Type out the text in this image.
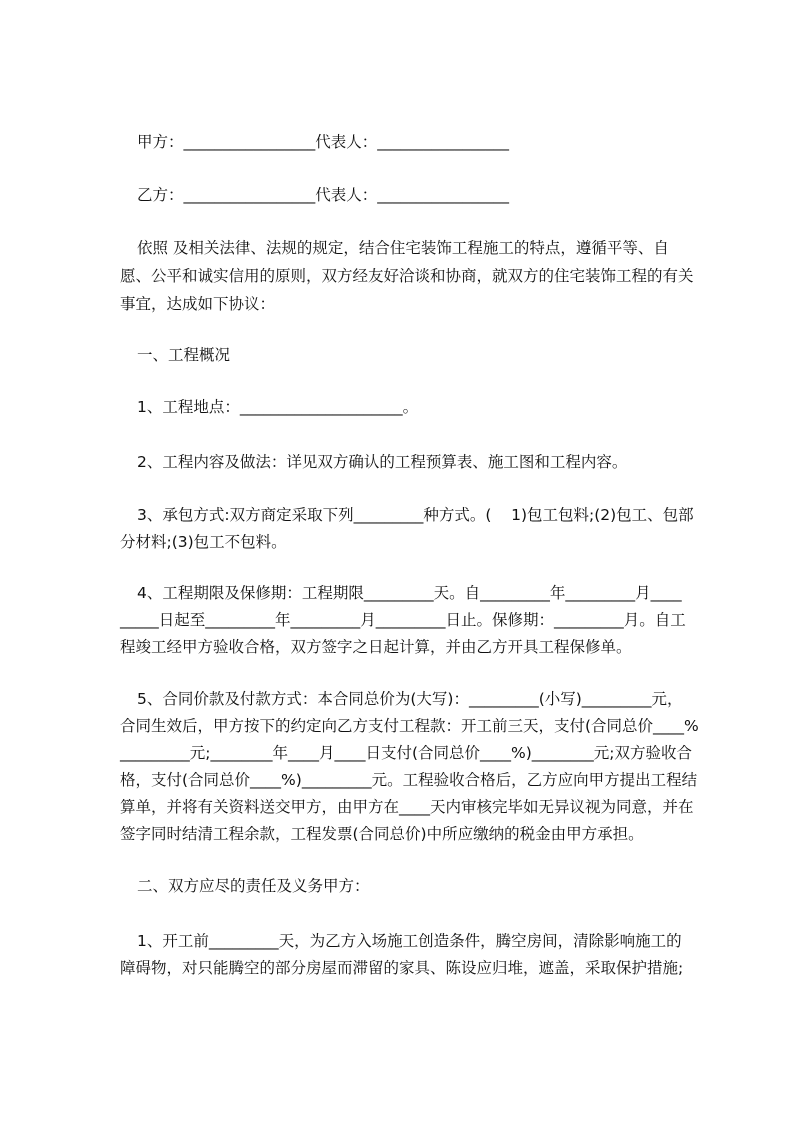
甲方：_________________代表人：_________________
乙方：_________________代表人：_________________
依照 及相关法律、法规的规定，结合住宅装饰工程施工的特点，遵循平等、自
愿、公平和诚实信用的原则，双方经友好洽谈和协商，就双方的住宅装饰工程的有关
事宜，达成如下协议：
一、工程概况
1、工程地点：_____________________。
2、工程内容及做法：详见双方确认的工程预算表、施工图和工程内容。
3、承包方式:双方商定采取下列_________种方式。(    1)包工包料;(2)包工、包部
分材料;(3)包工不包料。
4、工程期限及保修期：工程期限_________天。自_________年_________月____
_____日起至_________年_________月_________日止。保修期：_________月。自工
程竣工经甲方验收合格，双方签字之日起计算，并由乙方开具工程保修单。
5、合同价款及付款方式：本合同总价为(大写)：_________(小写)_________元，
合同生效后，甲方按下的约定向乙方支付工程款：开工前三天，支付(合同总价____%
_________元;________年____月____日支付(合同总价____%)________元;双方验收合
格，支付(合同总价____%)_________元。工程验收合格后，乙方应向甲方提出工程结
算单，并将有关资料送交甲方，由甲方在____天内审核完毕如无异议视为同意，并在
签字同时结清工程余款，工程发票(合同总价)中所应缴纳的税金由甲方承担。
二、双方应尽的责任及义务甲方：
1、开工前_________天，为乙方入场施工创造条件，腾空房间，清除影响施工的
障碍物，对只能腾空的部分房屋而滞留的家具、陈设应归堆，遮盖，采取保护措施;
